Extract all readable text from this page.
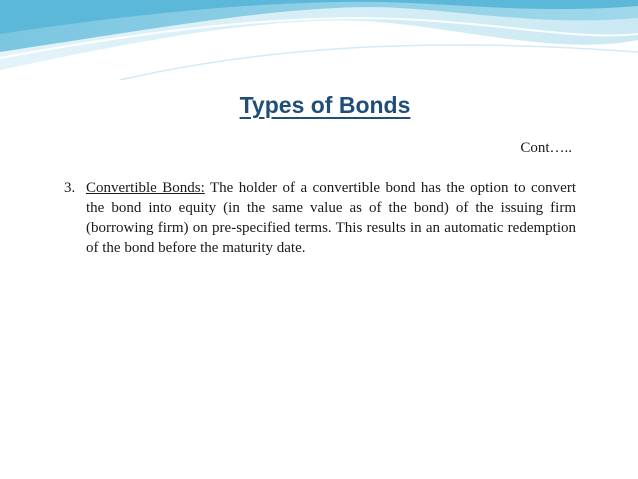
Types of Bonds
Cont…..
3. Convertible Bonds: The holder of a convertible bond has the option to convert the bond into equity (in the same value as of the bond) of the issuing firm (borrowing firm) on pre-specified terms. This results in an automatic redemption of the bond before the maturity date.
